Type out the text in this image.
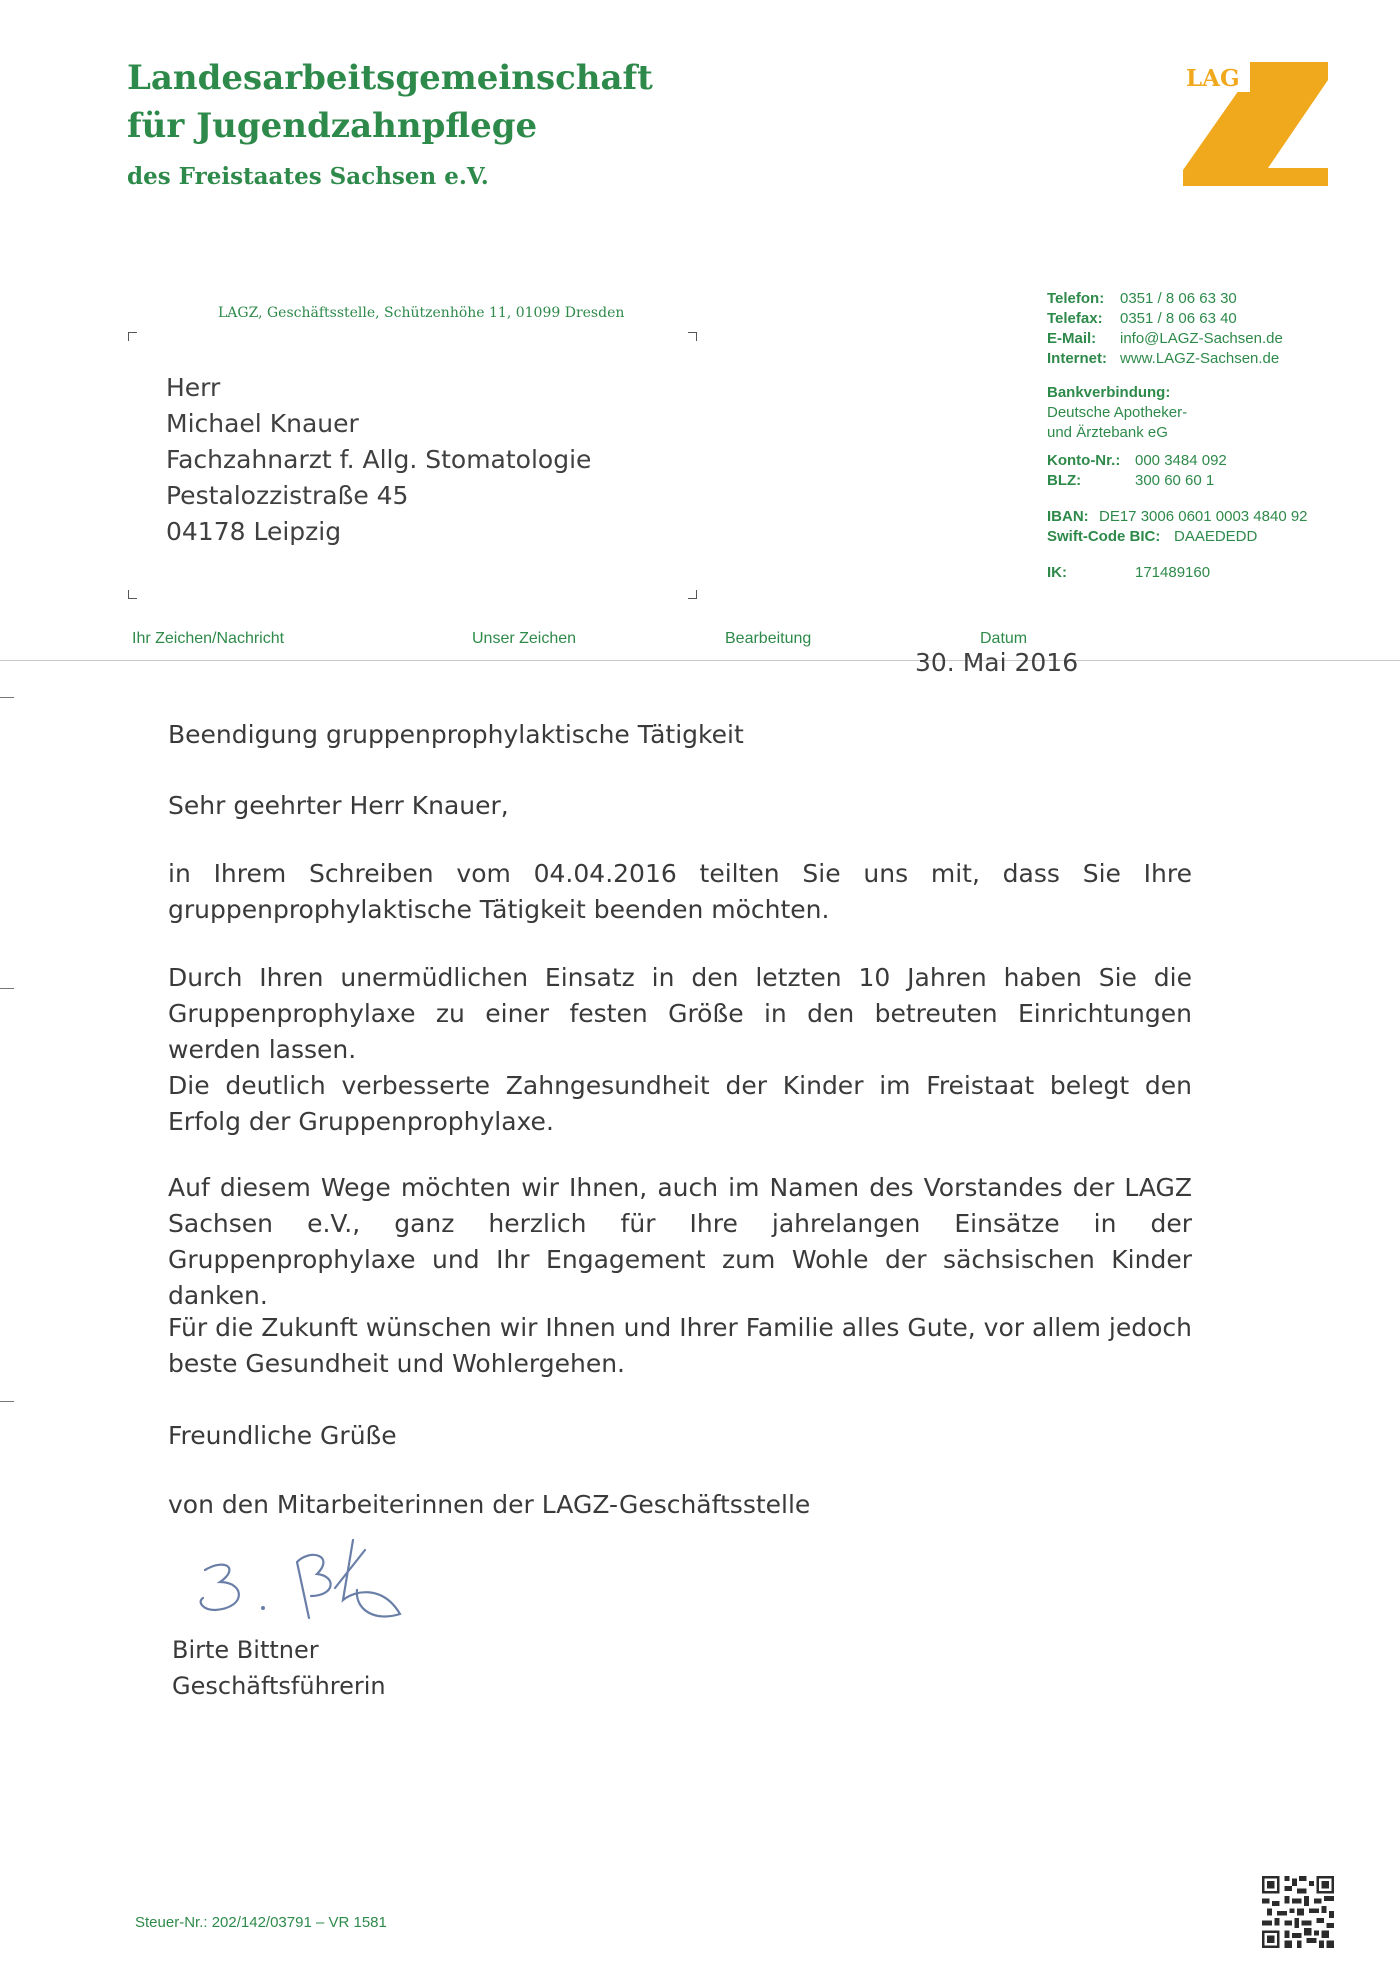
Landesarbeitsgemeinschaft
für Jugendzahnpflege
des Freistaates Sachsen e.V.
LAG
LAGZ, Geschäftsstelle, Schützenhöhe 11, 01099 Dresden
Herr
Michael Knauer
Fachzahnarzt f. Allg. Stomatologie
Pestalozzistraße 45
04178 Leipzig
Telefon:	0351 / 8 06 63 30
Telefax:	0351 / 8 06 63 40
E-Mail:	info@LAGZ-Sachsen.de
Internet: www.LAGZ-Sachsen.de
Bankverbindung:
Deutsche Apotheker-
und Ärztebank eG
Konto-Nr.: 000 3484 092
BLZ:	300 60 60 1
IBAN: DE17 3006 0601 0003 4840 92
Swift-Code BIC: DAAEDEDD
IK:	171489160
Ihr Zeichen/Nachricht	Unser Zeichen	Bearbeitung	Datum
30. Mai 2016
Beendigung gruppenprophylaktische Tätigkeit
Sehr geehrter Herr Knauer,
in Ihrem Schreiben vom 04.04.2016 teilten Sie uns mit, dass Sie Ihre gruppenprophylaktische Tätigkeit beenden möchten.

Durch Ihren unermüdlichen Einsatz in den letzten 10 Jahren haben Sie die Gruppenprophylaxe zu einer festen Größe in den betreuten Einrichtungen werden lassen.

Die deutlich verbesserte Zahngesundheit der Kinder im Freistaat belegt den Erfolg der Gruppenprophylaxe.

Auf diesem Wege möchten wir Ihnen, auch im Namen des Vorstandes der LAGZ Sachsen e.V., ganz herzlich für Ihre jahrelangen Einsätze in der Gruppenprophylaxe und Ihr Engagement zum Wohle der sächsischen Kinder danken.
Für die Zukunft wünschen wir Ihnen und Ihrer Familie alles Gute, vor allem jedoch beste Gesundheit und Wohlergehen.
Freundliche Grüße
von den Mitarbeiterinnen der LAGZ-Geschäftsstelle
Birte Bittner
Geschäftsführerin
Steuer-Nr.: 202/142/03791 – VR 1581
